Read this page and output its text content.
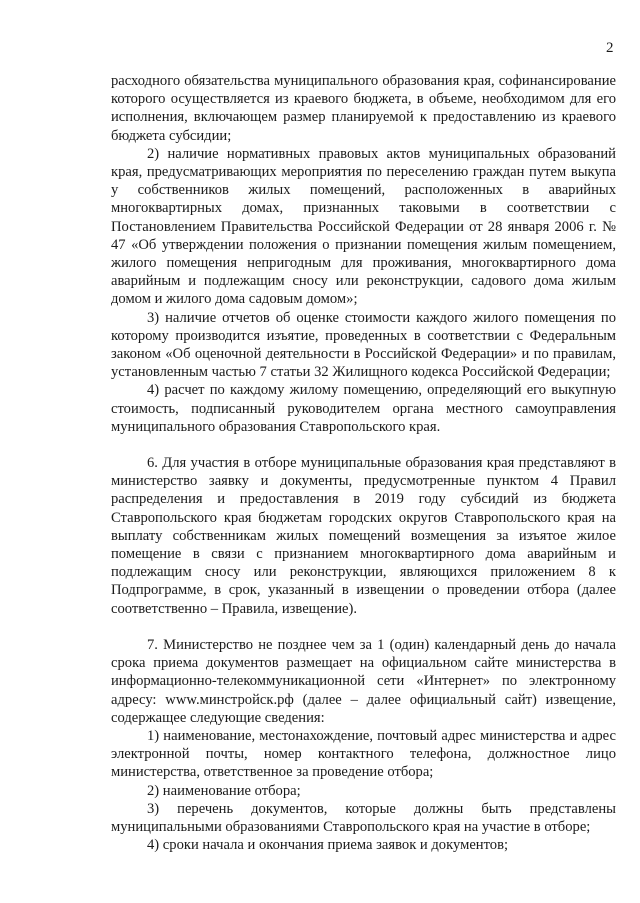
2

расходного обязательства муниципального образования края, софинансирование которого осуществляется из краевого бюджета, в объеме, необходимом для его исполнения, включающем размер планируемой к предоставлению из краевого бюджета субсидии;

2) наличие нормативных правовых актов муниципальных образований края, предусматривающих мероприятия по переселению граждан путем выкупа у собственников жилых помещений, расположенных в аварийных многоквартирных домах, признанных таковыми в соответствии с Постановлением Правительства Российской Федерации от 28 января 2006 г. № 47 «Об утверждении положения о признании помещения жилым помещением, жилого помещения непригодным для проживания, многоквартирного дома аварийным и подлежащим сносу или реконструкции, садового дома жилым домом и жилого дома садовым домом»;

3) наличие отчетов об оценке стоимости каждого жилого помещения по которому производится изъятие, проведенных в соответствии с Федеральным законом «Об оценочной деятельности в Российской Федерации» и по правилам, установленным частью 7 статьи 32 Жилищного кодекса Российской Федерации;

4) расчет по каждому жилому помещению, определяющий его выкупную стоимость, подписанный руководителем органа местного самоуправления муниципального образования Ставропольского края.

6. Для участия в отборе муниципальные образования края представляют в министерство заявку и документы, предусмотренные пунктом 4 Правил распределения и предоставления в 2019 году субсидий из бюджета Ставропольского края бюджетам городских округов Ставропольского края на выплату собственникам жилых помещений возмещения за изъятое жилое помещение в связи с признанием многоквартирного дома аварийным и подлежащим сносу или реконструкции, являющихся приложением 8 к Подпрограмме, в срок, указанный в извещении о проведении отбора (далее соответственно – Правила, извещение).

7. Министерство не позднее чем за 1 (один) календарный день до начала срока приема документов размещает на официальном сайте министерства в информационно-телекоммуникационной сети «Интернет» по электронному адресу: www.минстройск.рф (далее – далее официальный сайт) извещение, содержащее следующие сведения:

1) наименование, местонахождение, почтовый адрес министерства и адрес электронной почты, номер контактного телефона, должностное лицо министерства, ответственное за проведение отбора;

2) наименование отбора;

3) перечень документов, которые должны быть представлены муниципальными образованиями Ставропольского края на участие в отборе;

4) сроки начала и окончания приема заявок и документов;
